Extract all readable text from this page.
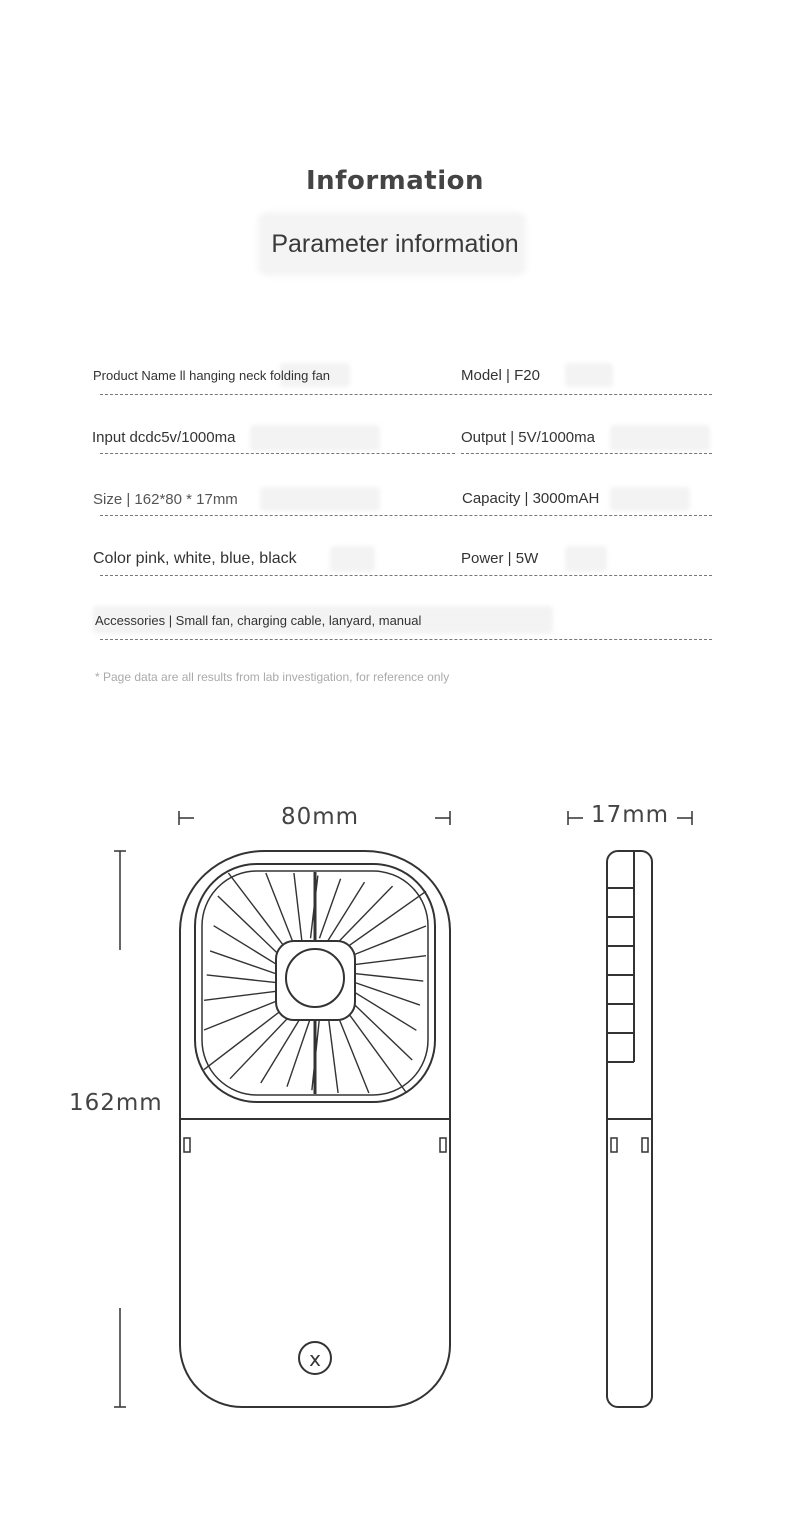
Information
Parameter information
Product Name ll hanging neck folding fan	Model | F20
Input dcdc5v/1000ma	Output | 5V/1000ma
Size | 162*80 * 17mm	Capacity | 3000mAH
Color pink, white, blue, black	Power | 5W
Accessories | Small fan, charging cable, lanyard, manual
* Page data are all results from lab investigation, for reference only
80mm	17mm
162mm
x
